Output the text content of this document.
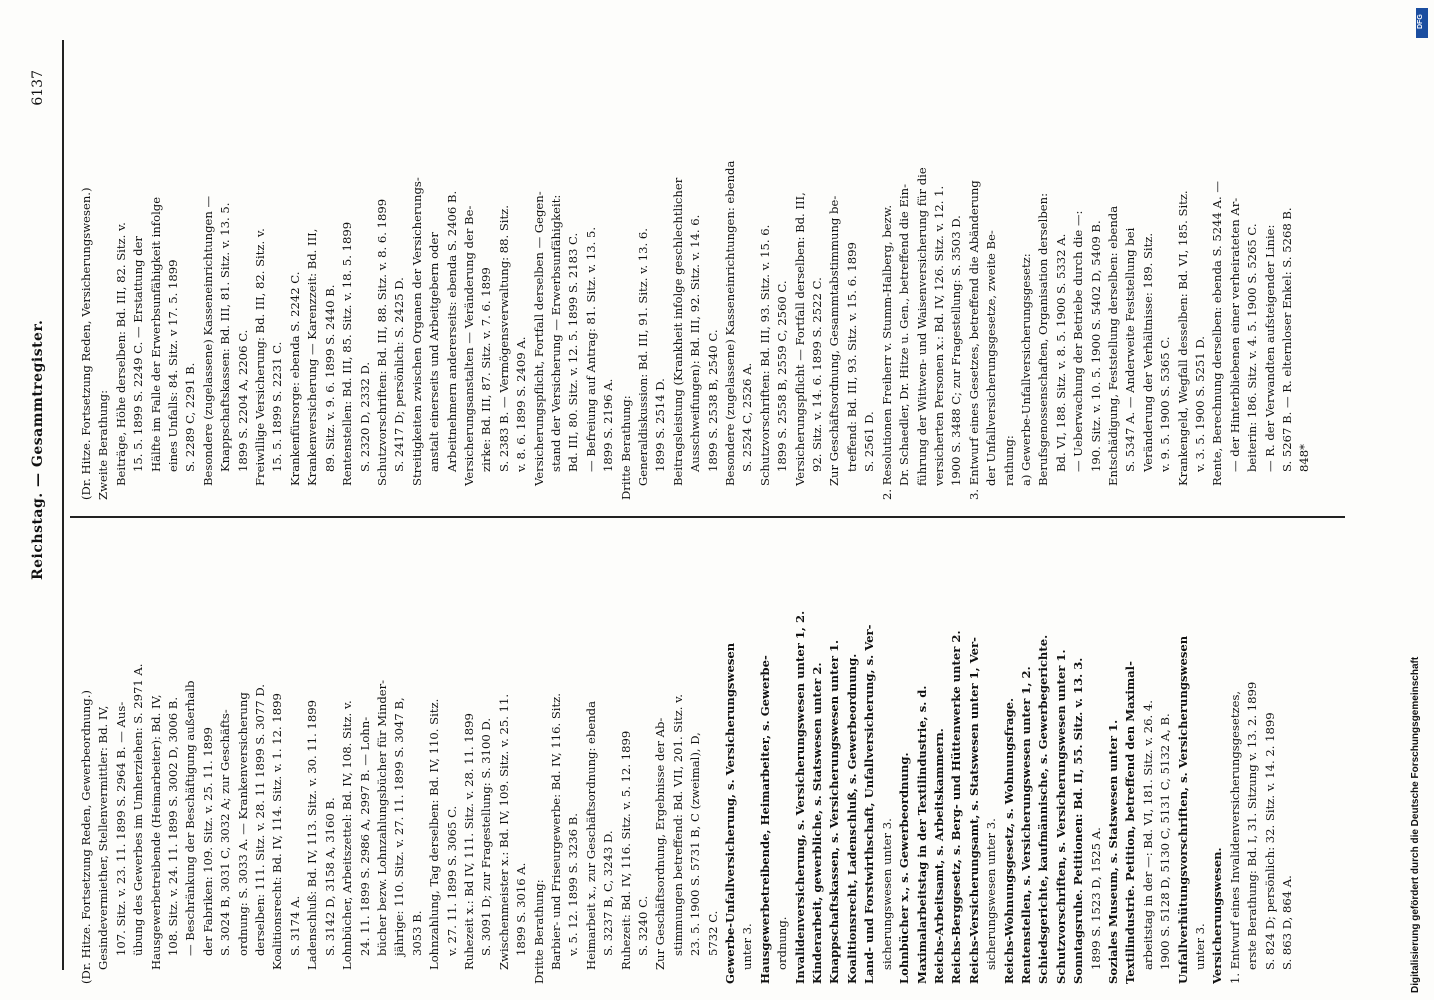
Reichstag. — Gesammtregister.
6137
(Dr. Hitze. Fortsetzung Reden, Gewerbeordnung.) Gesindevermiether, Stellenvermittler: Bd. IV, 107. Sitz. v. 23. 11. 1899 S. 2964 B. — Aus- übung des Gewerbes im Umherziehen: S. 2971 A. Hausgewerbetreibende (Heimarbeiter): Bd. IV, 108. Sitz. v. 24. 11. 1899 S. 3002 D, 3006 B. — Beschränkung der Beschäftigung außerhalb der Fabriken: 109. Sitz. v. 25. 11. 1899 S. 3024 B, 3031 C, 3032 A; zur Geschäfts- ordnung: S. 3033 A. — Krankenversicherung derselben: 111. Sitz. v. 28. 11 1899 S. 3077 D. Koalitionsrecht: Bd. IV, 114. Sitz. v. 1. 12. 1899 S. 3174 A. Ladenschluß: Bd. IV, 113. Sitz. v. 30. 11. 1899 S. 3142 D, 3158 A, 3160 B. Lohnbücher, Arbeitszettel: Bd. IV, 108. Sitz. v. 24. 11. 1899 S. 2986 A, 2997 B. — Lohn- bücher bezw. Lohnzahlungsbücher für Minder- jährige: 110. Sitz. v. 27. 11. 1899 S. 3047 B, 3053 B. Lohnzahlung, Tag derselben: Bd. IV, 110. Sitz. v. 27. 11. 1899 S. 3065 C. Ruhezeit x.: Bd IV, 111. Sitz. v. 28. 11. 1899 S. 3091 D; zur Fragestellung: S. 3100 D. Zwischenmeister x.: Bd. IV, 109. Sitz. v. 25. 11. 1899 S. 3016 A. Dritte Berathung: Barbier- und Friseurgewerbe: Bd. IV, 116. Sitz. v. 5. 12. 1899 S. 3236 B. Heimarbeit x., zur Geschäftsordnung: ebenda S. 3237 B, C, 3243 D. Ruhezeit: Bd. IV, 116. Sitz. v. 5. 12. 1899 S. 3240 C. Zur Geschäftsordnung, Ergebnisse der Ab- stimmungen betreffend: Bd. VII, 201. Sitz. v. 23. 5. 1900 S. 5731 B, C (zweimal), D, 5732 C. Gewerbe-Unfallversicherung, s. Versicherungswesen unter 3. Hausgewerbetreibende, Heimarbeiter, s. Gewerbe- ordnung. Invalidenversicherung, s. Versicherungswesen unter 1, 2. Kinderarbeit, gewerbliche, s. Statswesen unter 2. Knappschaftskassen, s. Versicherungswesen unter 1. Koalitionsrecht, Ladenschluß, s. Gewerbeordnung. Land- und Forstwirthschaft, Unfallversicherung, s. Ver- sicherungswesen unter 3. Lohnbücher x., s. Gewerbeordnung. Maximalarbeitstag in der Textilindustrie, s. d. Reichs-Arbeitsamt, s. Arbeitskammern. Reichs-Berggesetz, s. Berg- und Hüttenwerke unter 2. Reichs-Versicherungsamt, s. Statswesen unter 1, Ver- sicherungswesen unter 3. Reichs-Wohnungsgesetz, s. Wohnungsfrage. Rentenstellen, s. Versicherungswesen unter 1, 2. Schiedsgerichte, kaufmännische, s. Gewerbegerichte. Schutzvorschriften, s. Versicherungswesen unter 1. Sonntagsruhe. Petitionen: Bd. II, 55. Sitz. v. 13. 3. 1899 S. 1523 D, 1525 A. Soziales Museum, s. Statswesen unter 1. Textilindustrie. Petition, betreffend den Maximal- arbeitstag in der —: Bd. VI, 181. Sitz. v. 26. 4. 1900 S. 5128 D, 5130 C, 5131 C, 5132 A, B. Unfallverhütungsvorschriften, s. Versicherungswesen unter 3. Versicherungswesen. 1. Entwurf eines Invalidenversicherungsgesetzes, erste Berathung: Bd. I, 31. Sitzung v. 13. 2. 1899 S. 824 D; persönlich: 32. Sitz. v. 14. 2. 1899 S. 863 D, 864 A.
(Dr. Hitze. Fortsetzung Reden, Versicherungswesen.) Zweite Berathung: Beiträge, Höhe derselben: Bd. III, 82. Sitz. v. 15. 5. 1899 S. 2249 C. — Erstattung der Hälfte im Falle der Erwerbsunfähigkeit infolge eines Unfalls: 84. Sitz. v 17. 5. 1899 S. 2289 C, 2291 B. Besondere (zugelassene) Kasseneinrichtungen — Knappschaftskassen: Bd. III, 81. Sitz. v. 13. 5. 1899 S. 2204 A, 2206 C. Freiwillige Versicherung: Bd. III, 82. Sitz. v. 15. 5. 1899 S. 2231 C. Krankenfürsorge: ebenda S. 2242 C. Krankenversicherung — Karenzzeit: Bd. III, 89. Sitz. v. 9. 6. 1899 S. 2440 B. Rentenstellen: Bd. III, 85. Sitz. v. 18. 5. 1899 S. 2320 D, 2332 D. Schutzvorschriften: Bd. III, 88. Sitz. v. 8. 6. 1899 S. 2417 D; persönlich: S. 2425 D. Streitigkeiten zwischen Organen der Versicherungs- anstalt einerseits und Arbeitgebern oder Arbeitnehmern andererseits: ebenda S. 2406 B. Versicherungsanstalten — Veränderung der Be- zirke: Bd. III, 87. Sitz. v. 7. 6. 1899 S. 2383 B. — Vermögensverwaltung: 88. Sitz. v. 8. 6. 1899 S. 2409 A. Versicherungspflicht, Fortfall derselben — Gegen- stand der Versicherung — Erwerbsunfähigkeit: Bd. III, 80. Sitz. v. 12. 5. 1899 S. 2183 C. — Befreiung auf Antrag: 81. Sitz. v. 13. 5. 1899 S. 2196 A. Dritte Berathung: Generaldiskussion: Bd. III, 91. Sitz. v. 13. 6. 1899 S. 2514 D. Beitragsleistung (Krankheit infolge geschlechtlicher Ausschweifungen): Bd. III, 92. Sitz. v. 14. 6. 1899 S. 2538 B, 2540 C. Besondere (zugelassene) Kasseneinrichtungen: ebenda S. 2524 C, 2526 A. Schutzvorschriften: Bd. III, 93. Sitz. v. 15. 6. 1899 S. 2558 B, 2559 C, 2560 C. Versicherungspflicht — Fortfall derselben: Bd. III, 92. Sitz. v. 14. 6. 1899 S. 2522 C. Zur Geschäftsordnung, Gesammtabstimmung be- treffend: Bd. III, 93. Sitz. v. 15. 6. 1899 S. 2561 D. 2. Resolutionen Freiherr v. Stumm-Halberg, bezw. Dr. Schaedler, Dr. Hitze u. Gen., betreffend die Ein- führung der Wittwen- und Waisenversicherung für die versicherten Personen x.: Bd. IV, 126. Sitz. v. 12. 1. 1900 S. 3488 C; zur Fragestellung: S. 3503 D. 3. Entwurf eines Gesetzes, betreffend die Abänderung der Unfallversicherungsgesetze, zweite Be- rathung: a) Gewerbe-Unfallversicherungsgesetz: Berufsgenossenschaften, Organisation derselben: Bd. VI, 188. Sitz. v. 8. 5. 1900 S. 5332 A. — Ueberwachung der Betriebe durch die —: 190. Sitz. v. 10. 5. 1900 S. 5402 D, 5409 B. Entschädigung, Feststellung derselben: ebenda S. 5347 A. — Anderweite Feststellung bei Veränderung der Verhältnisse: 189. Sitz. v. 9. 5. 1900 S. 5365 C. Krankengeld, Wegfall desselben: Bd. VI, 185. Sitz. v. 3. 5. 1900 S. 5251 D. Rente, Berechnung derselben: ebenda S. 5244 A. — — der Hinterbliebenen einer verheirateten Ar- beiterin: 186. Sitz. v. 4. 5. 1900 S. 5265 C. — R. der Verwandten aufsteigender Linie: S. 5267 B. — R. elternloser Enkel: S. 5268 B. 848*
DFG
Digitalisierung gefördert durch die Deutsche Forschungsgemeinschaft
